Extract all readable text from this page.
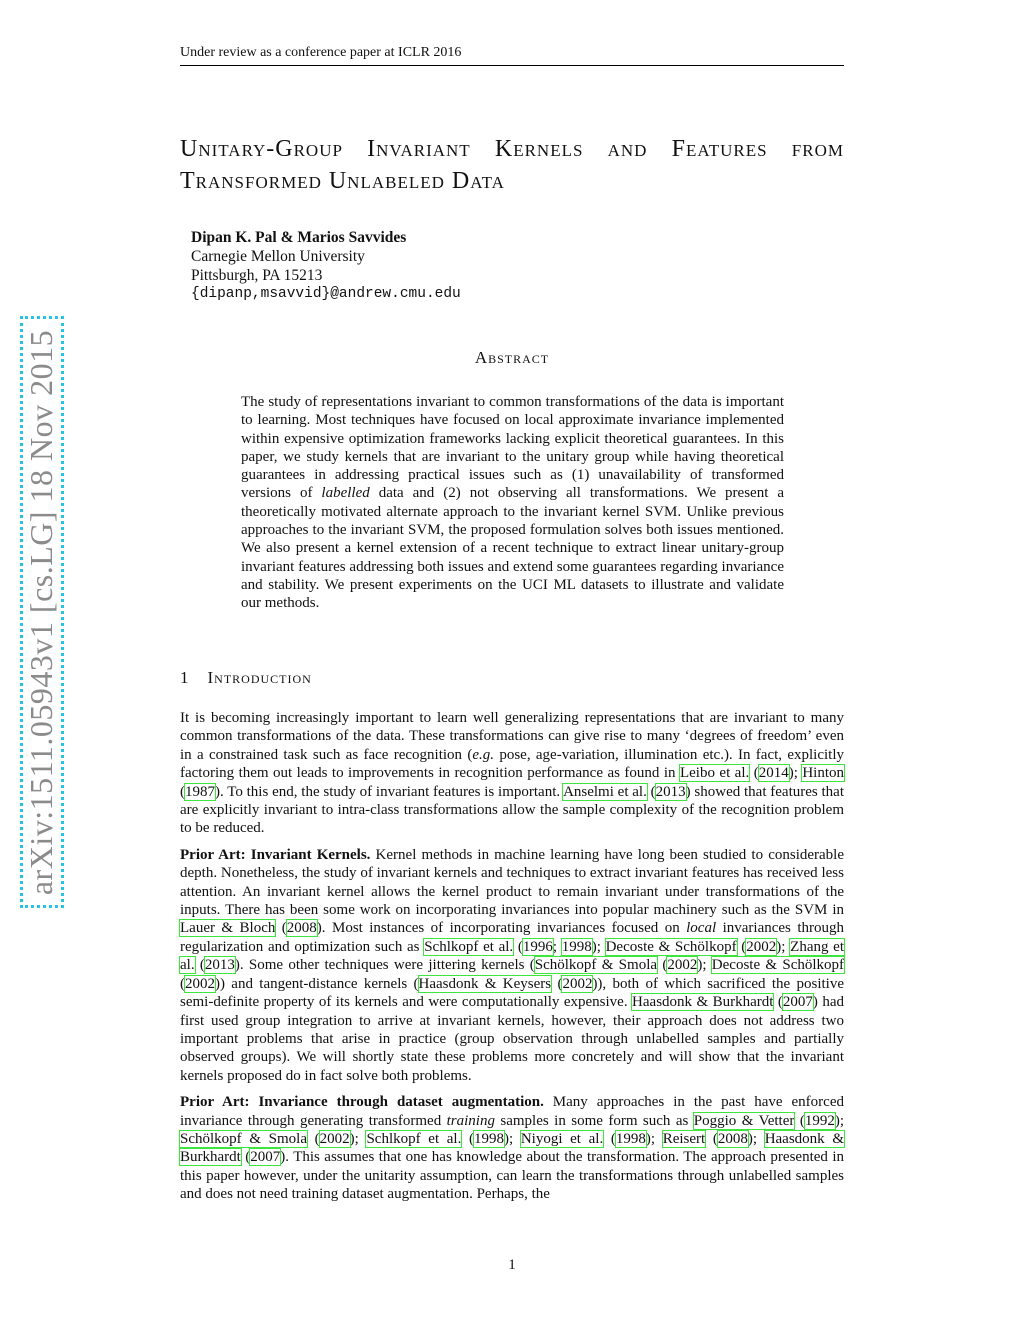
Under review as a conference paper at ICLR 2016
arXiv:1511.05943v1 [cs.LG] 18 Nov 2015
Unitary-Group Invariant Kernels and Features from Transformed Unlabeled Data
Dipan K. Pal & Marios Savvides
Carnegie Mellon University
Pittsburgh, PA 15213
{dipanp,msavvid}@andrew.cmu.edu
Abstract
The study of representations invariant to common transformations of the data is important to learning. Most techniques have focused on local approximate invariance implemented within expensive optimization frameworks lacking explicit theoretical guarantees. In this paper, we study kernels that are invariant to the unitary group while having theoretical guarantees in addressing practical issues such as (1) unavailability of transformed versions of labelled data and (2) not observing all transformations. We present a theoretically motivated alternate approach to the invariant kernel SVM. Unlike previous approaches to the invariant SVM, the proposed formulation solves both issues mentioned. We also present a kernel extension of a recent technique to extract linear unitary-group invariant features addressing both issues and extend some guarantees regarding invariance and stability. We present experiments on the UCI ML datasets to illustrate and validate our methods.
1 Introduction

It is becoming increasingly important to learn well generalizing representations that are invariant to many common transformations of the data. These transformations can give rise to many ‘degrees of freedom’ even in a constrained task such as face recognition (e.g. pose, age-variation, illumination etc.). In fact, explicitly factoring them out leads to improvements in recognition performance as found in Leibo et al. (2014); Hinton (1987). To this end, the study of invariant features is important. Anselmi et al. (2013) showed that features that are explicitly invariant to intra-class transformations allow the sample complexity of the recognition problem to be reduced.

Prior Art: Invariant Kernels. Kernel methods in machine learning have long been studied to considerable depth. Nonetheless, the study of invariant kernels and techniques to extract invariant features has received less attention. An invariant kernel allows the kernel product to remain invariant under transformations of the inputs. There has been some work on incorporating invariances into popular machinery such as the SVM in Lauer & Bloch (2008). Most instances of incorporating invariances focused on local invariances through regularization and optimization such as Schlkopf et al. (1996; 1998); Decoste & Schölkopf (2002); Zhang et al. (2013). Some other techniques were jittering kernels (Schölkopf & Smola (2002); Decoste & Schölkopf (2002)) and tangent-distance kernels (Haasdonk & Keysers (2002)), both of which sacrificed the positive semi-definite property of its kernels and were computationally expensive. Haasdonk & Burkhardt (2007) had first used group integration to arrive at invariant kernels, however, their approach does not address two important problems that arise in practice (group observation through unlabelled samples and partially observed groups). We will shortly state these problems more concretely and will show that the invariant kernels proposed do in fact solve both problems.

Prior Art: Invariance through dataset augmentation. Many approaches in the past have enforced invariance through generating transformed training samples in some form such as Poggio & Vetter (1992); Schölkopf & Smola (2002); Schlkopf et al. (1998); Niyogi et al. (1998); Reisert (2008); Haasdonk & Burkhardt (2007). This assumes that one has knowledge about the transformation. The approach presented in this paper however, under the unitarity assumption, can learn the transformations through unlabelled samples and does not need training dataset augmentation. Perhaps, the

1
